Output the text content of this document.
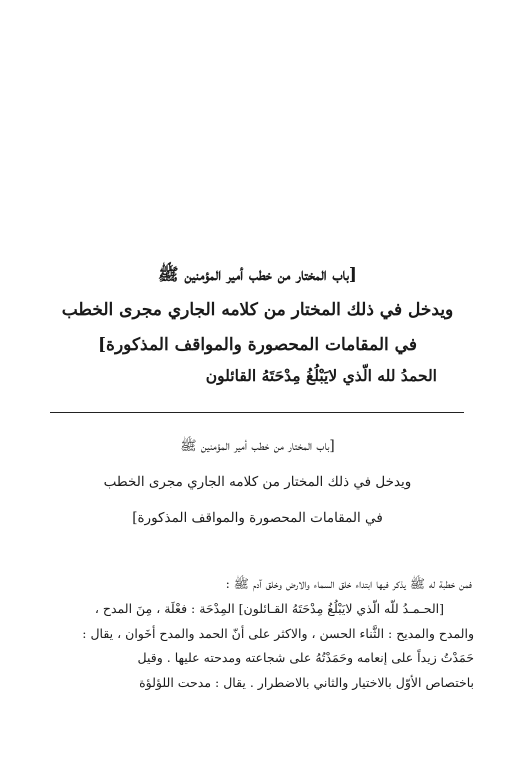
[باب المختار من خطب أمير المؤمنين ﷺ
ويدخل في ذلك المختار من كلامه الجاري مجرى الخطب
في المقامات المحصورة والمواقف المذكورة]
الحمدُ لله الّذي لايَبْلُغُ مِدْحَتَهُ القائلون
[باب المختار من خطب أمير المؤمنين ﷺ
ويدخل في ذلك المختار من كلامه الجاري مجرى الخطب
في المقامات المحصورة والمواقف المذكورة]
فمن خطبة له ﷺ يذكر فيها ابتداء خلق السماء والارض وخلق آدم ﷺ :
[الحـمـدُ للّه الّذي لايَبْلُغُ مِدْحَتَهُ القـائلون] المِدْحَة : فعْلَة ، مِنَ المدح ،
والمدح والمديح : الثَّناء الحسن ، والاكثر على أنّ الحمد والمدح أخَوان ، يقال :
حَمَدْتُ زيداً على إنعامه وحَمَدْتُهُ على شجاعته ومدحته عليها . وقيل
باختصاص الأوّل بالاختيار والثاني بالاضطرار . يقال : مدحت اللؤلؤة
